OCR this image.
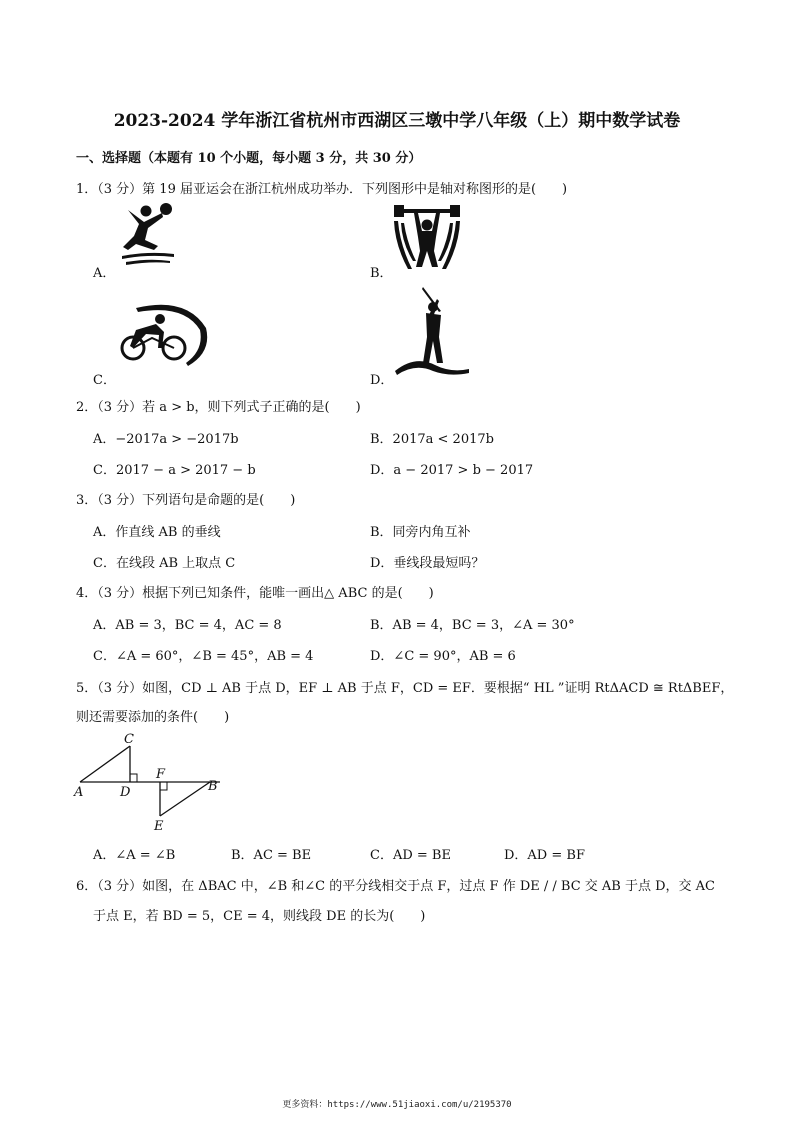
2023-2024 学年浙江省杭州市西湖区三墩中学八年级（上）期中数学试卷
一、选择题（本题有 10 个小题，每小题 3 分，共 30 分）
1．（3 分）第 19 届亚运会在浙江杭州成功举办．下列图形中是轴对称图形的是(　　)
A．	B．
C．	D．
2．（3 分）若 a > b，则下列式子正确的是(　　)
A．−2017a > −2017b	B．2017a < 2017b
C．2017 − a > 2017 − b	D．a − 2017 > b − 2017
3．（3 分）下列语句是命题的是(　　)
A．作直线 AB 的垂线	B．同旁内角互补
C．在线段 AB 上取点 C	D．垂线段最短吗？
4．（3 分）根据下列已知条件，能唯一画出△ ABC 的是(　　)
A．AB = 3，BC = 4，AC = 8	B．AB = 4，BC = 3，∠A = 30°
C．∠A = 60°，∠B = 45°，AB = 4	D．∠C = 90°，AB = 6
5．（3 分）如图，CD ⊥ AB 于点 D，EF ⊥ AB 于点 F，CD = EF．要根据“ HL ”证明 RtΔACD ≅ RtΔBEF，
则还需要添加的条件(　　)
C
A	D
F
B
E
A．∠A = ∠B	B．AC = BE	C．AD = BE	D．AD = BF
6．（3 分）如图，在 ΔBAC 中，∠B 和∠C 的平分线相交于点 F，过点 F 作 DE / / BC 交 AB 于点 D，交 AC
于点 E，若 BD = 5，CE = 4，则线段 DE 的长为(　　)
更多资料：https://www.51jiaoxi.com/u/2195370
